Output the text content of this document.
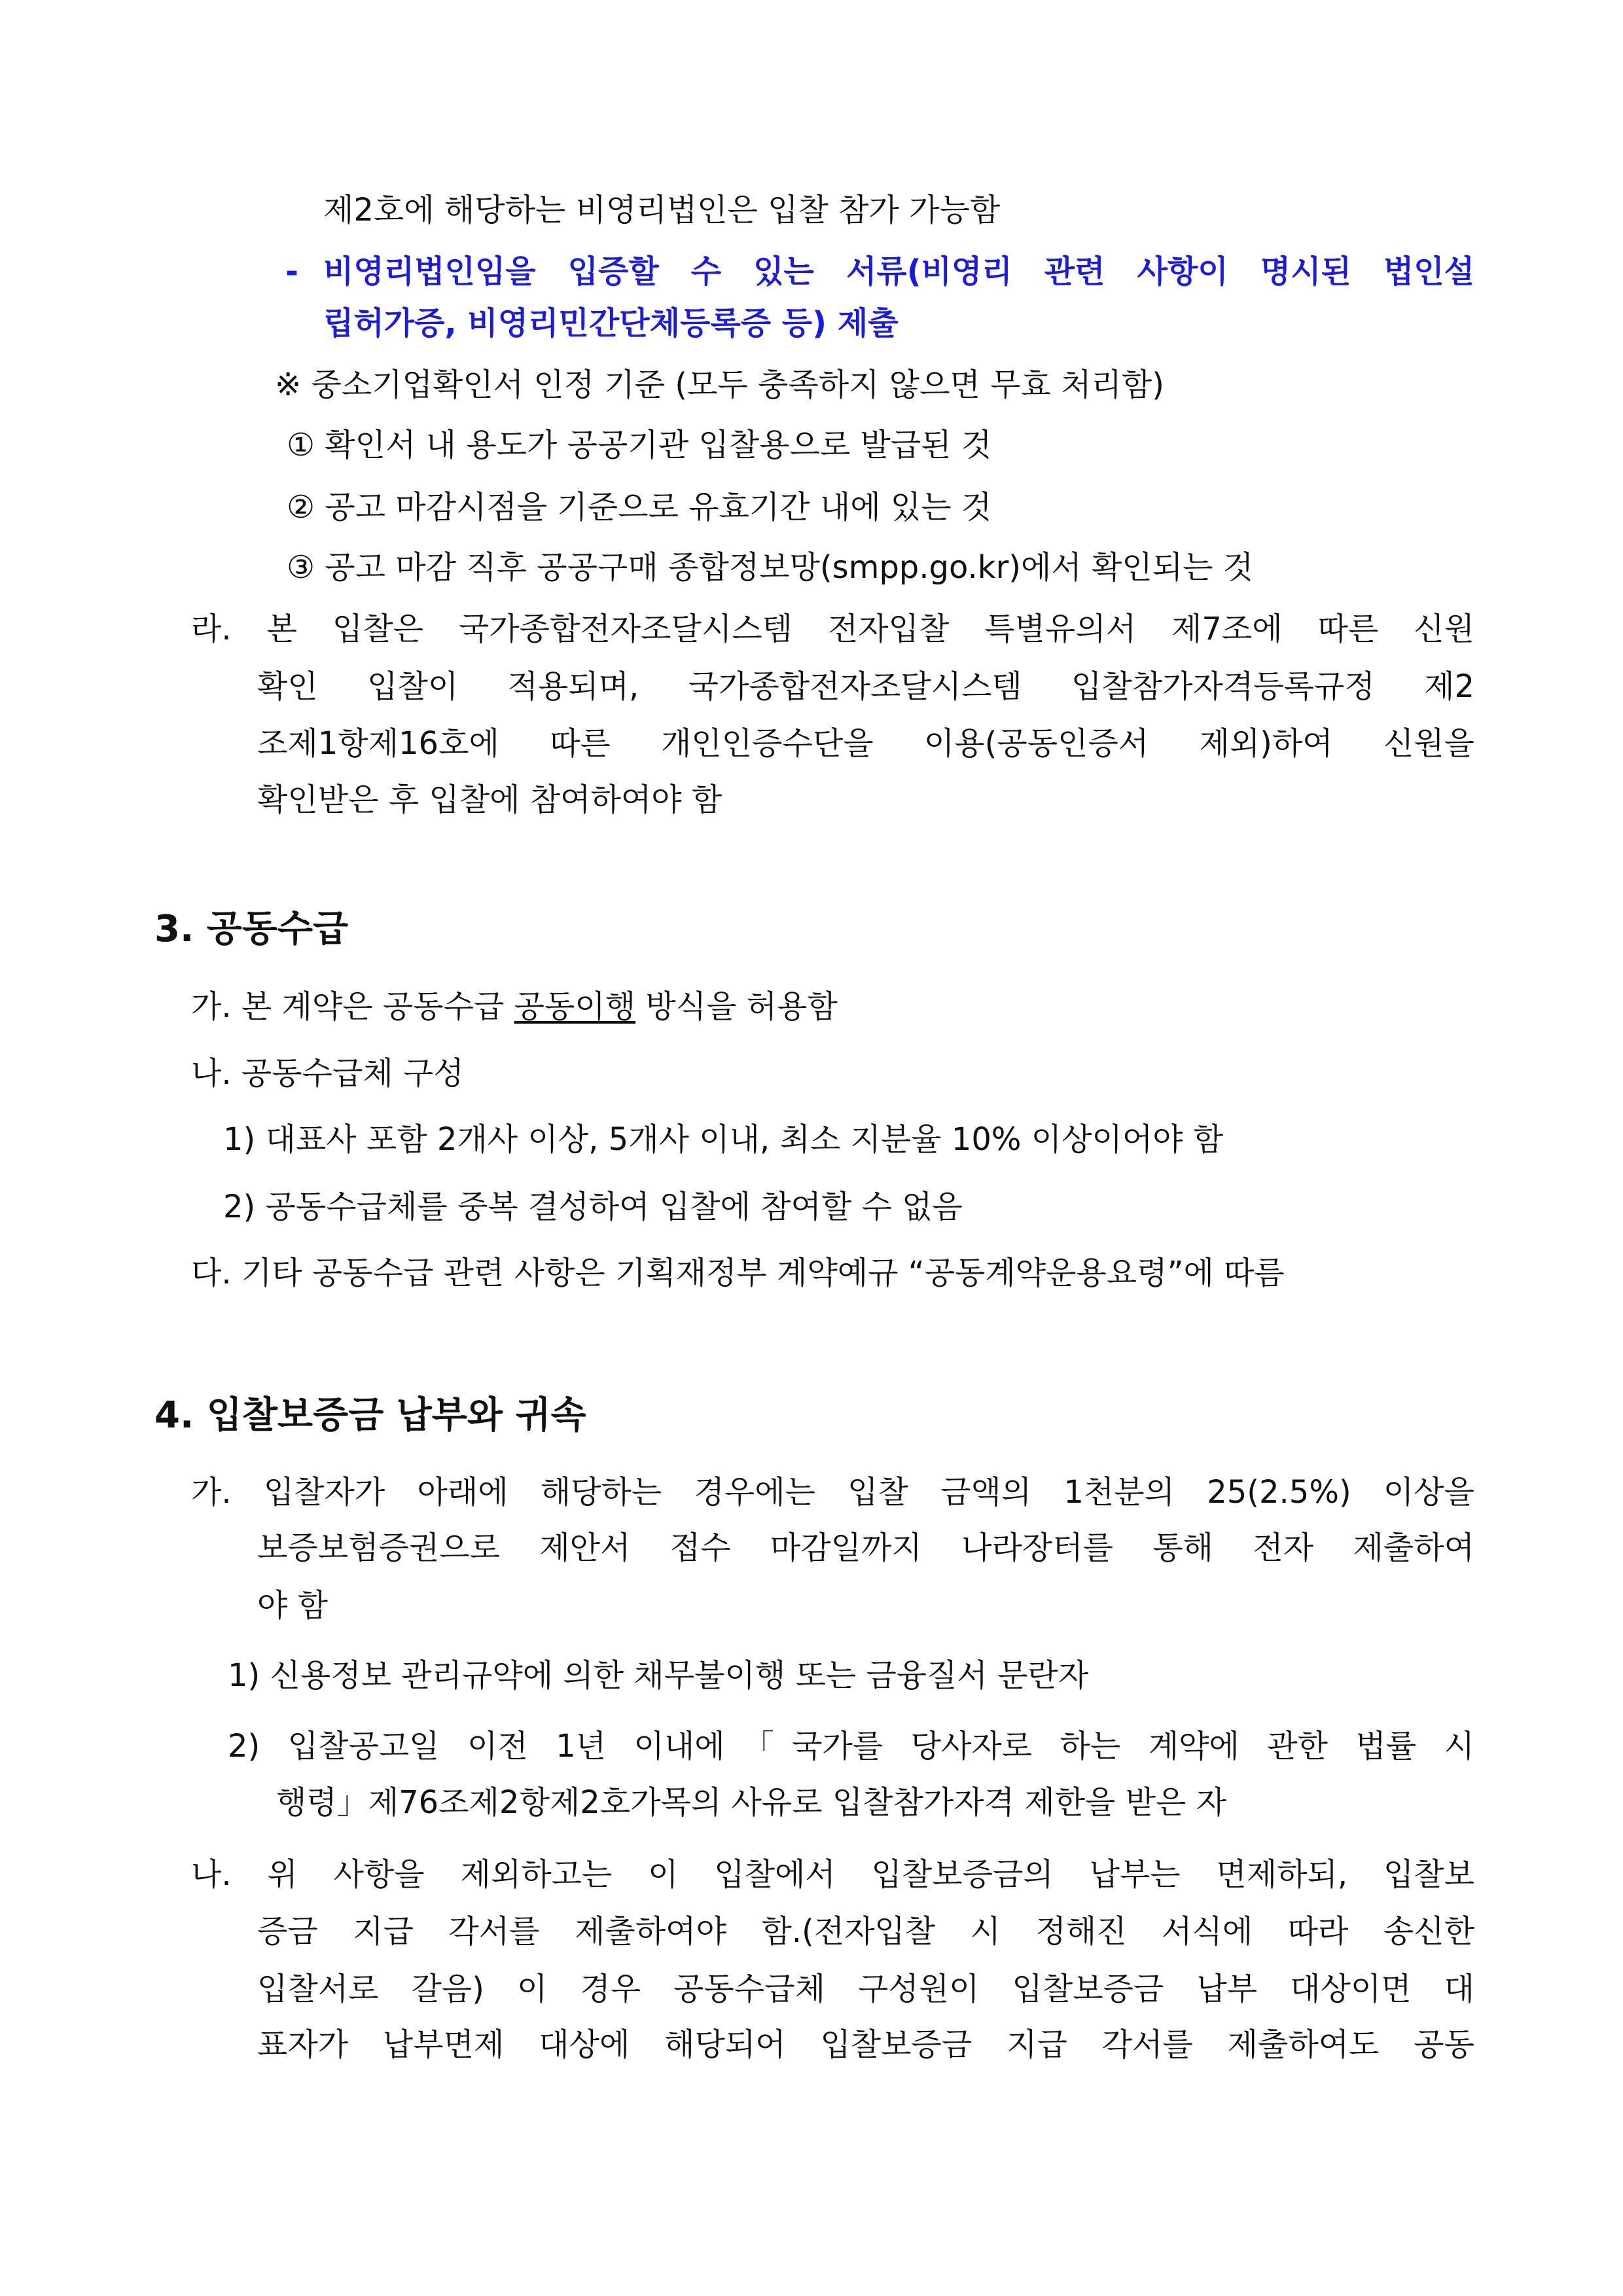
제2호에 해당하는 비영리법인은 입찰 참가 가능함
- 비영리법인임을 입증할 수 있는 서류(비영리 관련 사항이 명시된 법인설
립허가증, 비영리민간단체등록증 등) 제출
※ 중소기업확인서 인정 기준 (모두 충족하지 않으면 무효 처리함)
① 확인서 내 용도가 공공기관 입찰용으로 발급된 것
② 공고 마감시점을 기준으로 유효기간 내에 있는 것
③ 공고 마감 직후 공공구매 종합정보망(smpp.go.kr)에서 확인되는 것
라. 본 입찰은 국가종합전자조달시스템 전자입찰 특별유의서 제7조에 따른 신원
확인 입찰이 적용되며, 국가종합전자조달시스템 입찰참가자격등록규정 제2
조제1항제16호에 따른 개인인증수단을 이용(공동인증서 제외)하여 신원을
확인받은 후 입찰에 참여하여야 함
3. 공동수급
가. 본 계약은 공동수급 공동이행 방식을 허용함
나. 공동수급체 구성
1) 대표사 포함 2개사 이상, 5개사 이내, 최소 지분율 10% 이상이어야 함
2) 공동수급체를 중복 결성하여 입찰에 참여할 수 없음
다. 기타 공동수급 관련 사항은 기획재정부 계약예규 “공동계약운용요령”에 따름
4. 입찰보증금 납부와 귀속
가. 입찰자가 아래에 해당하는 경우에는 입찰 금액의 1천분의 25(2.5%) 이상을
보증보험증권으로 제안서 접수 마감일까지 나라장터를 통해 전자 제출하여
야 함
1) 신용정보 관리규약에 의한 채무불이행 또는 금융질서 문란자
2) 입찰공고일 이전 1년 이내에「국가를 당사자로 하는 계약에 관한 법률 시
행령」제76조제2항제2호가목의 사유로 입찰참가자격 제한을 받은 자
나. 위 사항을 제외하고는 이 입찰에서 입찰보증금의 납부는 면제하되, 입찰보
증금 지급 각서를 제출하여야 함.(전자입찰 시 정해진 서식에 따라 송신한
입찰서로 갈음) 이 경우 공동수급체 구성원이 입찰보증금 납부 대상이면 대
표자가 납부면제 대상에 해당되어 입찰보증금 지급 각서를 제출하여도 공동
